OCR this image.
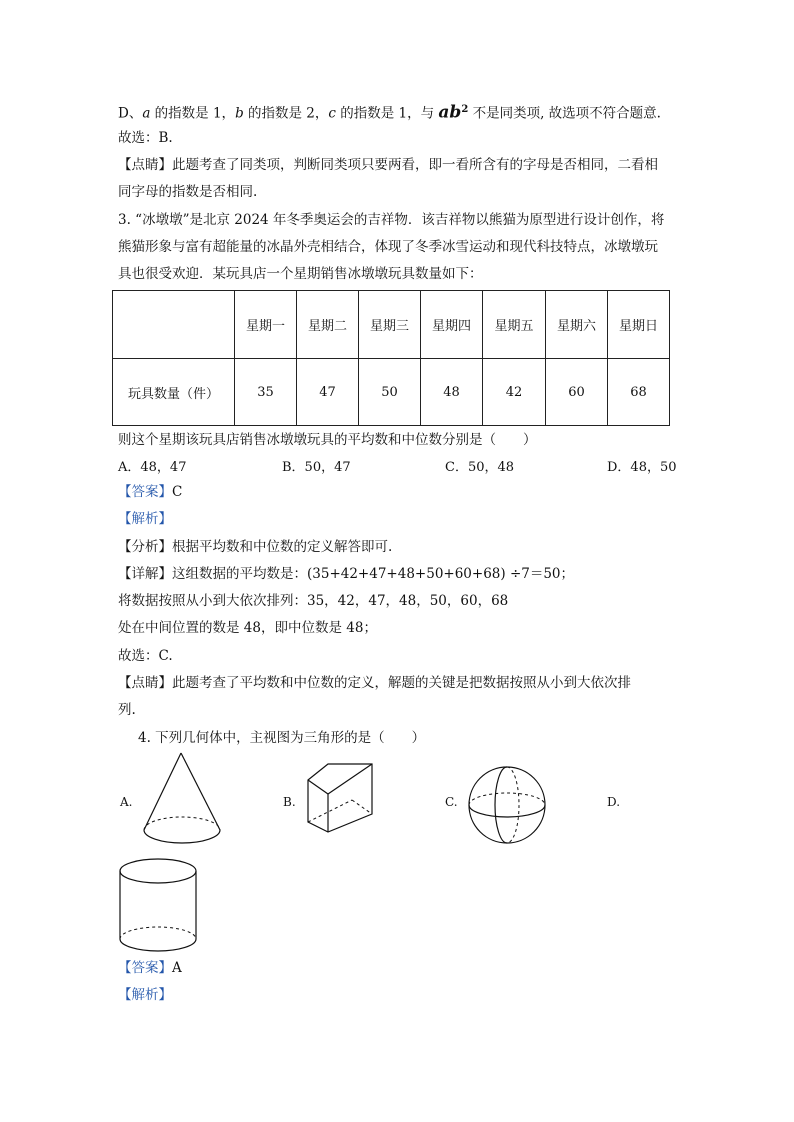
D、a 的指数是 1，b 的指数是 2，c 的指数是 1，与 $ab^2$ 不是同类项, 故选项不符合题意.
故选：B.
【点睛】此题考查了同类项，判断同类项只要两看，即一看所含有的字母是否相同，二看相
同字母的指数是否相同.
3. “冰墩墩”是北京 2024 年冬季奥运会的吉祥物．该吉祥物以熊猫为原型进行设计创作，将
熊猫形象与富有超能量的冰晶外壳相结合，体现了冬季冰雪运动和现代科技特点，冰墩墩玩
具也很受欢迎．某玩具店一个星期销售冰墩墩玩具数量如下：
	星期一	星期二	星期三	星期四	星期五	星期六	星期日
玩具数量（件）	35	47	50	48	42	60	68
则这个星期该玩具店销售冰墩墩玩具的平均数和中位数分别是（　　）
A．48，47	B．50，47	C．50，48	D．48，50
【答案】C
【解析】
【分析】根据平均数和中位数的定义解答即可.
【详解】这组数据的平均数是：(35+42+47+48+50+60+68) ÷7＝50；
将数据按照从小到大依次排列：35，42，47，48，50，60，68
处在中间位置的数是 48，即中位数是 48；
故选：C.
【点睛】此题考查了平均数和中位数的定义，解题的关键是把数据按照从小到大依次排
列.
4. 下列几何体中，主视图为三角形的是（　　）
A.	B.	C.	D.
【答案】A
【解析】
